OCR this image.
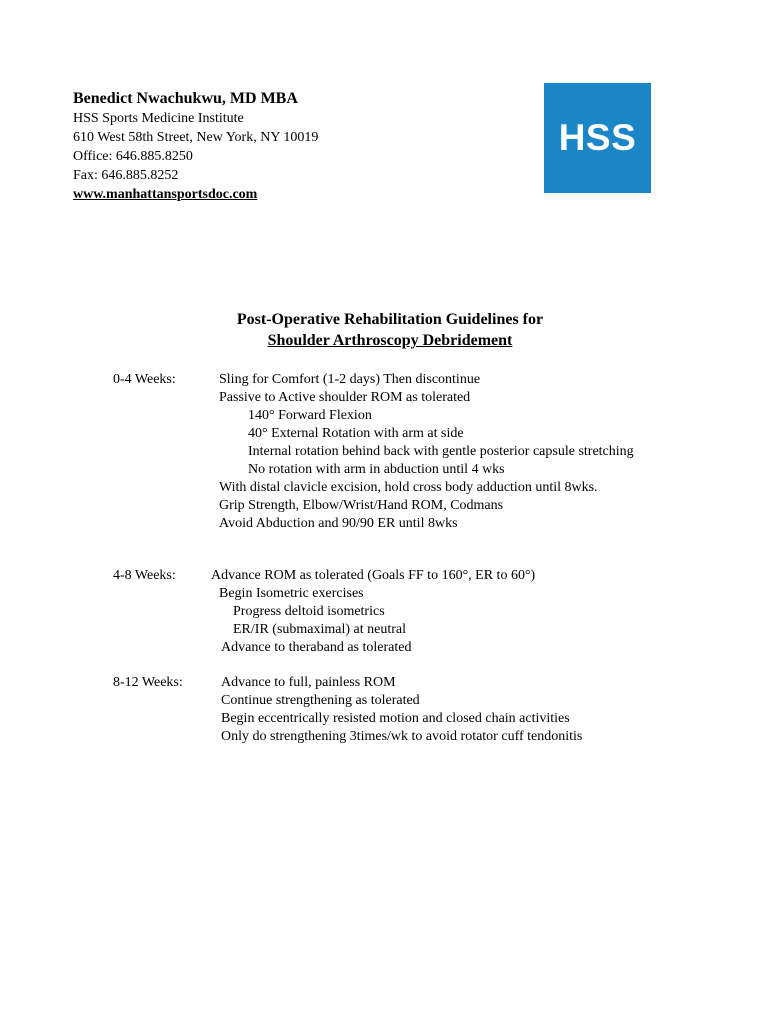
Benedict Nwachukwu, MD MBA

HSS Sports Medicine Institute

610 West 58th Street, New York, NY 10019

Office: 646.885.8250

Fax: 646.885.8252

www.manhattansportsdoc.com

HSS

Post-Operative Rehabilitation Guidelines for

Shoulder Arthroscopy Debridement

0-4 Weeks:	Sling for Comfort (1-2 days) Then discontinue
Passive to Active shoulder ROM as tolerated
140° Forward Flexion
40° External Rotation with arm at side
Internal rotation behind back with gentle posterior capsule stretching
No rotation with arm in abduction until 4 wks
With distal clavicle excision, hold cross body adduction until 8wks.
Grip Strength, Elbow/Wrist/Hand ROM, Codmans
Avoid Abduction and 90/90 ER until 8wks
4-8 Weeks:	Advance ROM as tolerated (Goals FF to 160°, ER to 60°)
Begin Isometric exercises
Progress deltoid isometrics
ER/IR (submaximal) at neutral
Advance to theraband as tolerated
8-12 Weeks:	Advance to full, painless ROM
Continue strengthening as tolerated
Begin eccentrically resisted motion and closed chain activities
Only do strengthening 3times/wk to avoid rotator cuff tendonitis
